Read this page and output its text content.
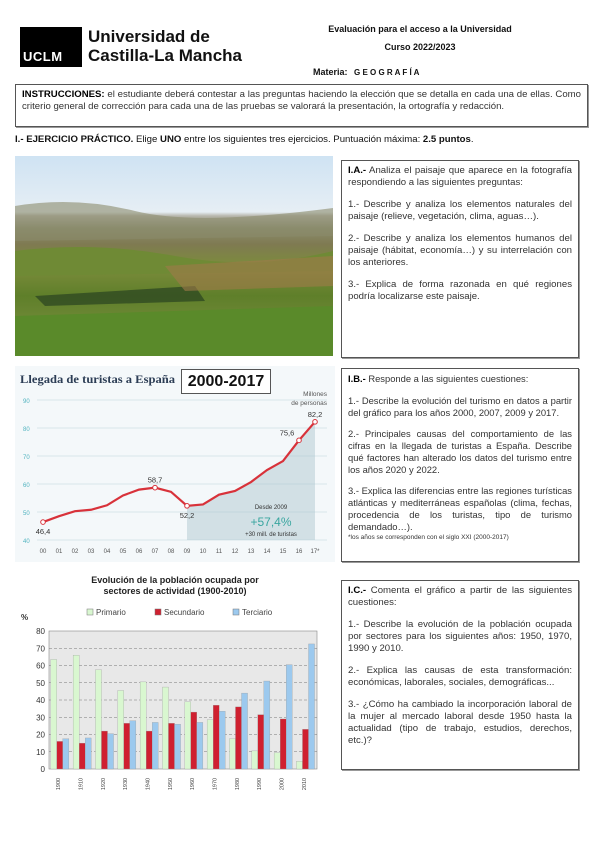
UCLM
Universidad de
Castilla-La Mancha
Evaluación para el acceso a la Universidad
Curso 2022/2023
Materia: G E O G R A F Í A
INSTRUCCIONES: el estudiante deberá contestar a las preguntas haciendo la elección que se detalla en cada una de ellas. Como criterio general de corrección para cada una de las pruebas se valorará la presentación, la ortografía y redacción.
I.- EJERCICIO PRÁCTICO. Elige UNO entre los siguientes tres ejercicios. Puntuación máxima: 2.5 puntos.

I.A.- Analiza el paisaje que aparece en la fotografía respondiendo a las siguientes preguntas:

1.- Describe y analiza los elementos naturales del paisaje (relieve, vegetación, clima, aguas…).

2.- Describe y analiza los elementos humanos del paisaje (hábitat, economía…) y su interrelación con los anteriores.

3.- Explica de forma razonada en qué regiones podría localizarse este paisaje.

Llegada de turistas a España
40
50
60
70
80
90
00 01 02 03 04 05 06 07 08 09 10 11 12 13 14 15 16 17*
46,4
58,7
52,2
75,6
82,2
Millones
de personas
Desde 2009
+57,4%
+30 mill. de turistas
2000-2017	I.B.- Responde a las siguientes cuestiones:

1.- Describe la evolución del turismo en datos a partir del gráfico para los años 2000, 2007, 2009 y 2017.

2.- Principales causas del comportamiento de las cifras en la llegada de turistas a España. Describe qué factores han alterado los datos del turismo entre los años 2020 y 2022.

3.- Explica las diferencias entre las regiones turísticas atlánticas y mediterráneas españolas (clima, fechas, procedencia de los turistas, tipo de turismo demandado…).

*los años se corresponden con el siglo XXI (2000-2017)
Evolución de la población ocupada por
sectores de actividad (1900-2010)
Primario	Secundario	Terciario
%
0
10
20
30
40
50
60
70
80
1900	1910	1920	1930	1940	1950	1960	1970	1980	1990	2000	2010

I.C.- Comenta el gráfico a partir de las siguientes cuestiones:

1.- Describe la evolución de la población ocupada por sectores para los siguientes años: 1950, 1970, 1990 y 2010.

2.- Explica las causas de esta transformación: económicas, laborales, sociales, demográficas...

3.- ¿Cómo ha cambiado la incorporación laboral de la mujer al mercado laboral desde 1950 hasta la actualidad (tipo de trabajo, estudios, derechos, etc.)?
